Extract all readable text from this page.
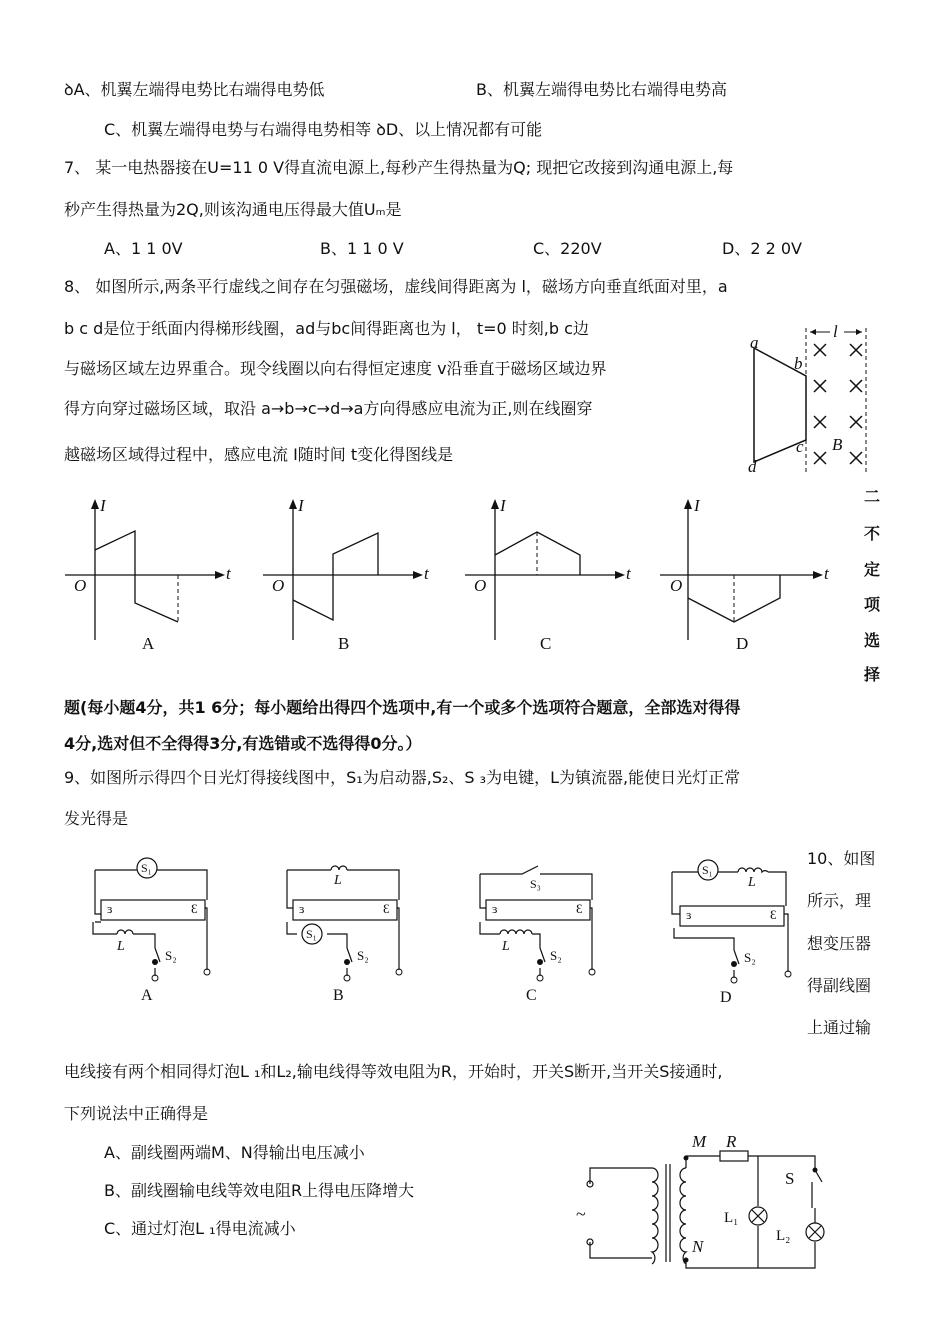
ꝺA、机翼左端得电势比右端得电势低	B、机翼左端得电势比右端得电势高
C、机翼左端得电势与右端得电势相等 ꝺD、以上情况都有可能
7、 某一电热器接在U=11 0 V得直流电源上,每秒产生得热量为Q; 现把它改接到沟通电源上,每
秒产生得热量为2Q,则该沟通电压得最大值Uₘ是
A、1 1 0V	B、1 1 0 V	C、220V	D、2 2 0V
8、 如图所示,两条平行虚线之间存在匀强磁场，虚线间得距离为 l，磁场方向垂直纸面对里，a
b c d是位于纸面内得梯形线圈，ad与bc间得距离也为 l， t=0 时刻,b c边
与磁场区域左边界重合。现令线圈以向右得恒定速度 v沿垂直于磁场区域边界
得方向穿过磁场区域，取沿 a→b→c→d→a方向得感应电流为正,则在线圈穿
越磁场区域得过程中，感应电流 I随时间 t变化得图线是
l
a
b
c
d
B
I
t
O
A
I
t
O
B
I
t
O
C
I
t
O
D
二
不
定
项
选
择
题(每小题4分，共1 6分；每小题给出得四个选项中,有一个或多个选项符合题意，全部选对得得
4分,选对但不全得得3分,有选错或不选得得0分。）
9、如图所示得四个日光灯得接线图中，S₁为启动器,S₂、S ₃为电键，L为镇流器,能使日光灯正常
发光得是
S₁
ɜ	Ɛ
L
S₂
A
L
ɜ	Ɛ
S₁
S₂
B
S₃
ɜ	Ɛ
L
S₂
C
S₁
L
ɜ	Ɛ
S₂
D
10、如图
所示，理
想变压器
得副线圈
上通过输
电线接有两个相同得灯泡L ₁和L₂,输电线得等效电阻为R，开始时，开关S断开,当开关S接通时,
下列说法中正确得是
A、副线圈两端M、N得输出电压减小
B、副线圈输电线等效电阻R上得电压降增大
C、通过灯泡L ₁得电流减小
~
M R
N
L₁
L₂
S
